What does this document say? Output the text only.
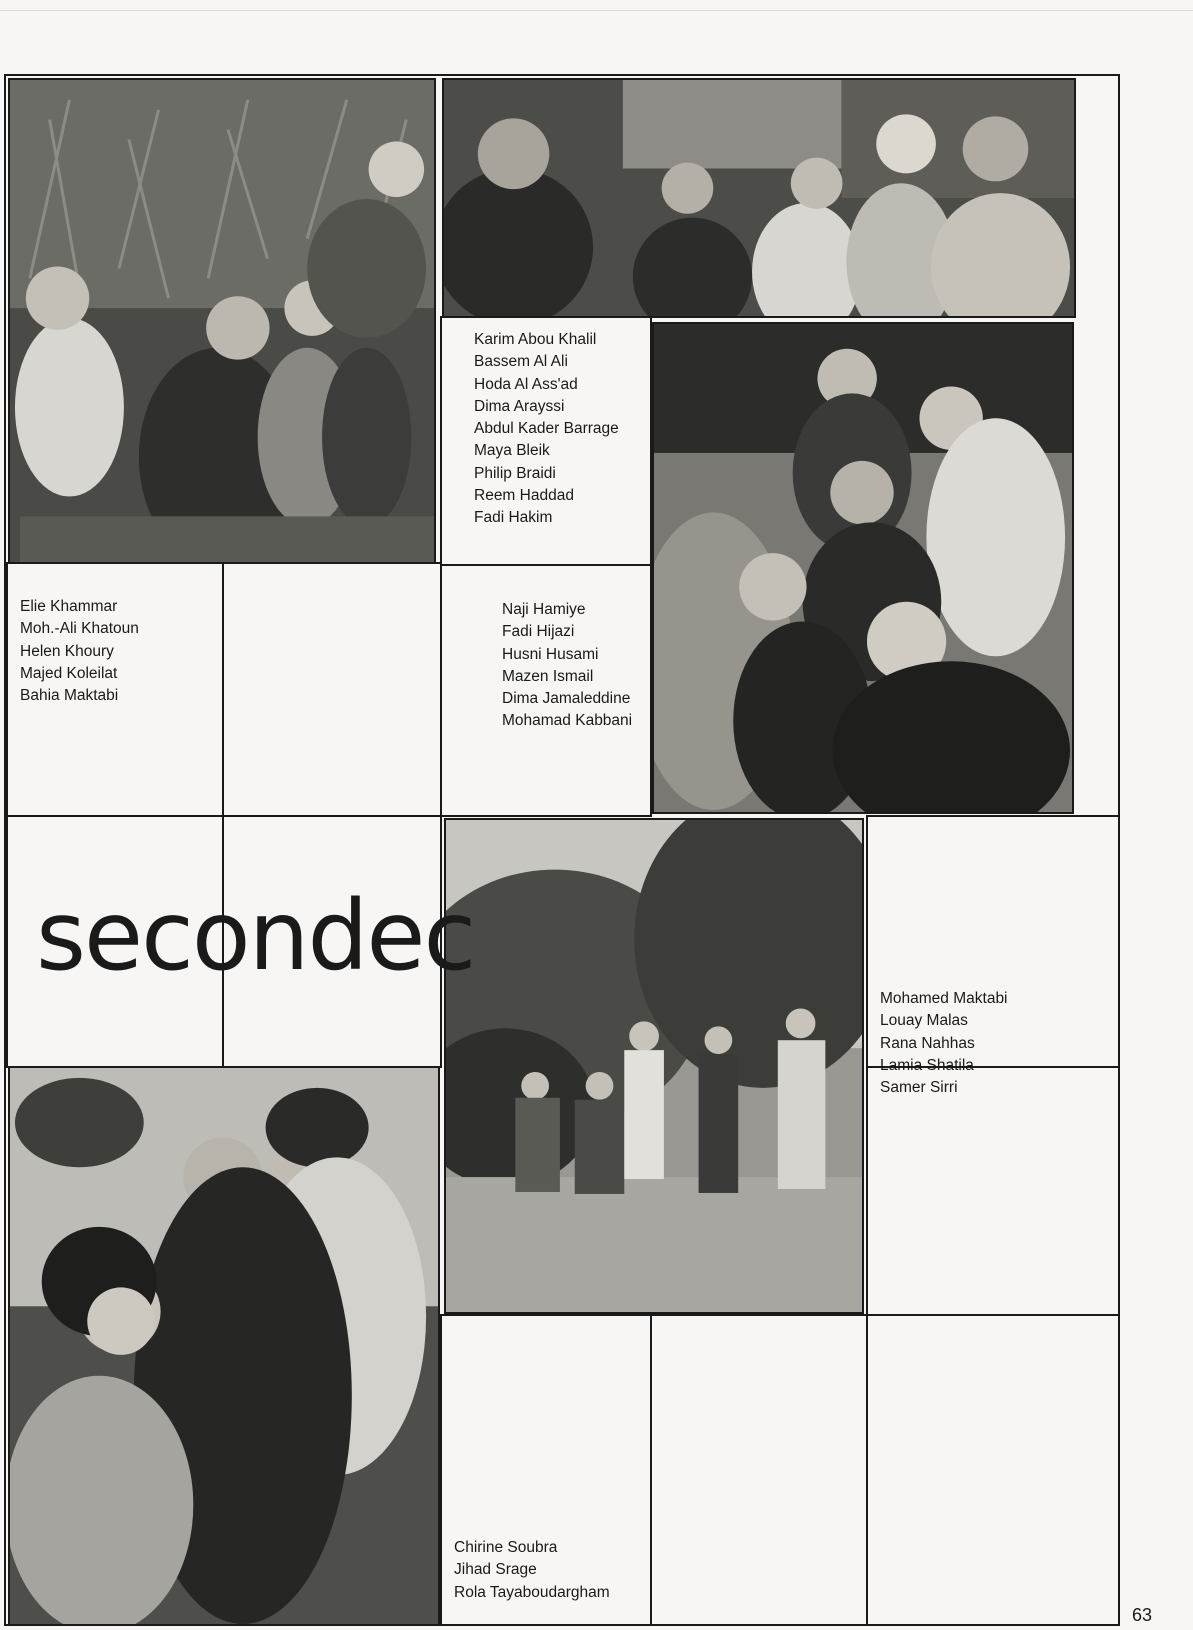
Karim Abou Khalil
Bassem Al Ali
Hoda Al Ass'ad
Dima Arayssi
Abdul Kader Barrage
Maya Bleik
Philip Braidi
Reem Haddad
Fadi Hakim
Elie Khammar
Moh.-Ali Khatoun
Helen Khoury
Majed Koleilat
Bahia Maktabi
Naji Hamiye
Fadi Hijazi
Husni Husami
Mazen Ismail
Dima Jamaleddine
Mohamad Kabbani
Mohamed Maktabi
Louay Malas
Rana Nahhas
Lamia Shatila
Samer Sirri
Chirine Soubra
Jihad Srage
Rola Tayaboudargham
secondec
63
